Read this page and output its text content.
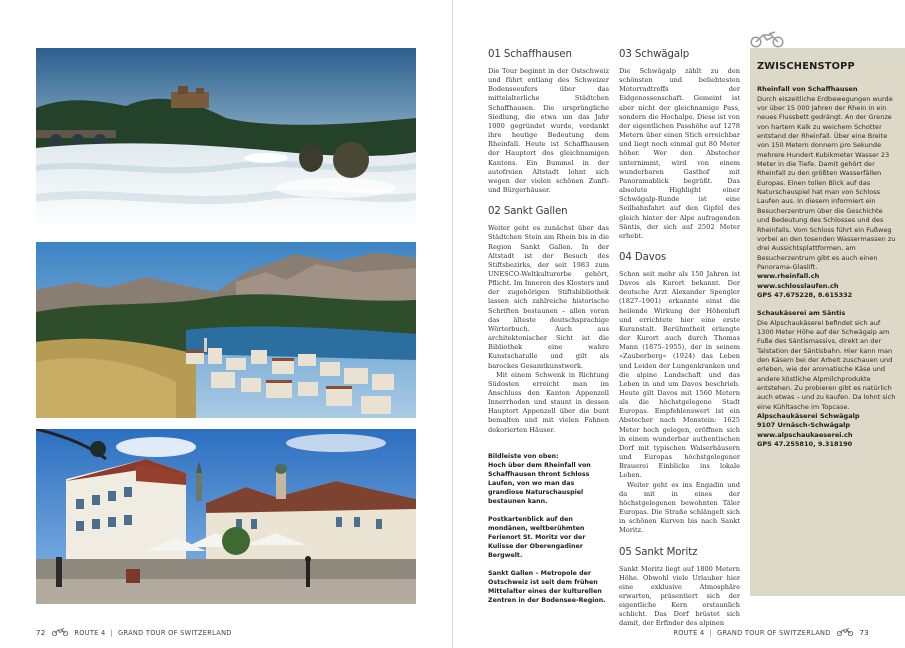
72	ROUTE 4 | GRAND TOUR OF SWITZERLAND
01 Schaffhausen

Die Tour beginnt in der Ostschweiz und führt entlang des Schweizer Bodenseeufers über das mittelalterliche Städtchen Schaffhausen. Die ursprüngliche Siedlung, die etwa um das Jahr 1000 gegründet wurde, verdankt ihre heutige Bedeutung dem Rheinfall. Heute ist Schaffhausen der Hauptort des gleichnamigen Kantons. Ein Bummel in der autofreien Altstadt lohnt sich wegen der vielen schönen Zunft- und Bürgerhäuser.

02 Sankt Gallen

Weiter geht es zunächst über das Städtchen Stein am Rhein bis in die Region Sankt Gallen. In der Altstadt ist der Besuch des Stiftsbezirks, der seit 1983 zum UNESCO-Weltkulturerbe gehört, Pflicht. Im Inneren des Klosters und der zugehörigen Stiftsbibliothek lassen sich zahlreiche historische Schriften bestaunen – allen voran das älteste deutschsprachige Wörterbuch. Auch aus architektonischer Sicht ist die Bibliothek eine wahre Kunstschatulle und gilt als barockes Gesamtkunstwerk.

Mit einem Schwenk in Richtung Südosten erreicht man im Anschluss den Kanton Appenzell Innerrhoden und staunt in dessen Hauptort Appenzell über die bunt bemalten und mit vielen Fahnen dekorierten Häuser.

Bildleiste von oben:
Hoch über dem Rheinfall von Schaffhausen thront Schloss Laufen, von wo man das grandiose Naturschauspiel bestaunen kann.

Postkartenblick auf den mondänen, weltberühmten Ferienort St. Moritz vor der Kulisse der Oberengadiner Bergwelt.

Sankt Gallen – Metropole der Ostschweiz ist seit dem frühen Mittelalter eines der kulturellen Zentren in der Bodensee-Region.

03 Schwägalp

Die Schwägalp zählt zu den schönsten und beliebtesten Motorradtreffs der Eidgenossenschaft. Gemeint ist aber nicht der gleichnamige Pass, sondern die Hochalpe. Diese ist von der eigentlichen Passhöhe auf 1278 Metern über einen Stich erreichbar und liegt noch einmal gut 80 Meter höher. Wer den Abstecher unternimmt, wird von einem wunderbaren Gasthof mit Panoramablick begrüßt. Das absolute Highlight einer Schwägalp-Runde ist eine Seilbahnfahrt auf den Gipfel des gleich hinter der Alpe aufragenden Säntis, der sich auf 2502 Meter erhebt.

04 Davos

Schon seit mehr als 150 Jahren ist Davos als Kurort bekannt. Der deutsche Arzt Alexander Spengler (1827–1901) erkannte einst die heilende Wirkung der Höhenluft und errichtete hier eine erste Kuranstalt. Berühmtheit erlangte der Kurort auch durch Thomas Mann (1875–1955), der in seinem »Zauberberg« (1924) das Leben und Leiden der Lungenkranken und die alpine Landschaft und das Leben in und um Davos beschrieb. Heute gilt Davos mit 1560 Metern als die höchstgelegene Stadt Europas. Empfehlenswert ist ein Abstecher nach Monstein: 1625 Meter hoch gelegen, eröffnen sich in einem wunderbar authentischen Dorf mit typischen Walserhäusern und Europas höchstgelegener Brauerei Einblicke ins lokale Leben.

Weiter geht es ins Engadin und da mit in eines der höchstgelegenen bewohnten Täler Europas. Die Straße schlängelt sich in schönen Kurven bis nach Sankt Moritz.

05 Sankt Moritz

Sankt Moritz liegt auf 1800 Metern Höhe. Obwohl viele Urlauber hier eine exklusive Atmosphäre erwarten, präsentiert sich der eigentliche Kern erstaunlich schlicht. Das Dorf brüstet sich damit, der Erfinder des alpinen

ZWISCHENSTOPP
Rheinfall von Schaffhausen
Durch eiszeitliche Erdbewegungen wurde vor über 15 000 Jahren der Rhein in ein neues Flussbett gedrängt. An der Grenze von hartem Kalk zu weichem Schotter entstand der Rheinfall. Über eine Breite von 150 Metern donnern pro Sekunde mehrere Hundert Kubikmeter Wasser 23 Meter in die Tiefe. Damit gehört der Rheinfall zu den größten Wasserfällen Europas. Einen tollen Blick auf das Naturschauspiel hat man von Schloss Laufen aus. In diesem informiert ein Besucherzentrum über die Geschichte und Bedeutung des Schlosses und des Rheinfalls. Vom Schloss führt ein Fußweg vorbei an den tosenden Wassermassen zu drei Aussichtsplattformen, am Besucherzentrum gibt es auch einen Panorama-Glaslift.
www.rheinfall.ch
www.schlosslaufen.ch
GPS 47.675228, 8.615332
Schaukäserei am Säntis
Die Alpschaukäserei befindet sich auf 1300 Meter Höhe auf der Schwägalp am Fuße des Säntismassivs, direkt an der Talstation der Säntisbahn. Hier kann man den Käsern bei der Arbeit zuschauen und erleben, wie der aromatische Käse und andere köstliche Alpmilchprodukte entstehen. Zu probieren gibt es natürlich auch etwas – und zu kaufen. Da lohnt sich eine Kühltasche im Topcase.
Alpschaukäserei Schwägalp
9107 Urnäsch-Schwägalp
www.alpschaukaeserei.ch
GPS 47.255810, 9.318190
ROUTE 4 | GRAND TOUR OF SWITZERLAND	73
